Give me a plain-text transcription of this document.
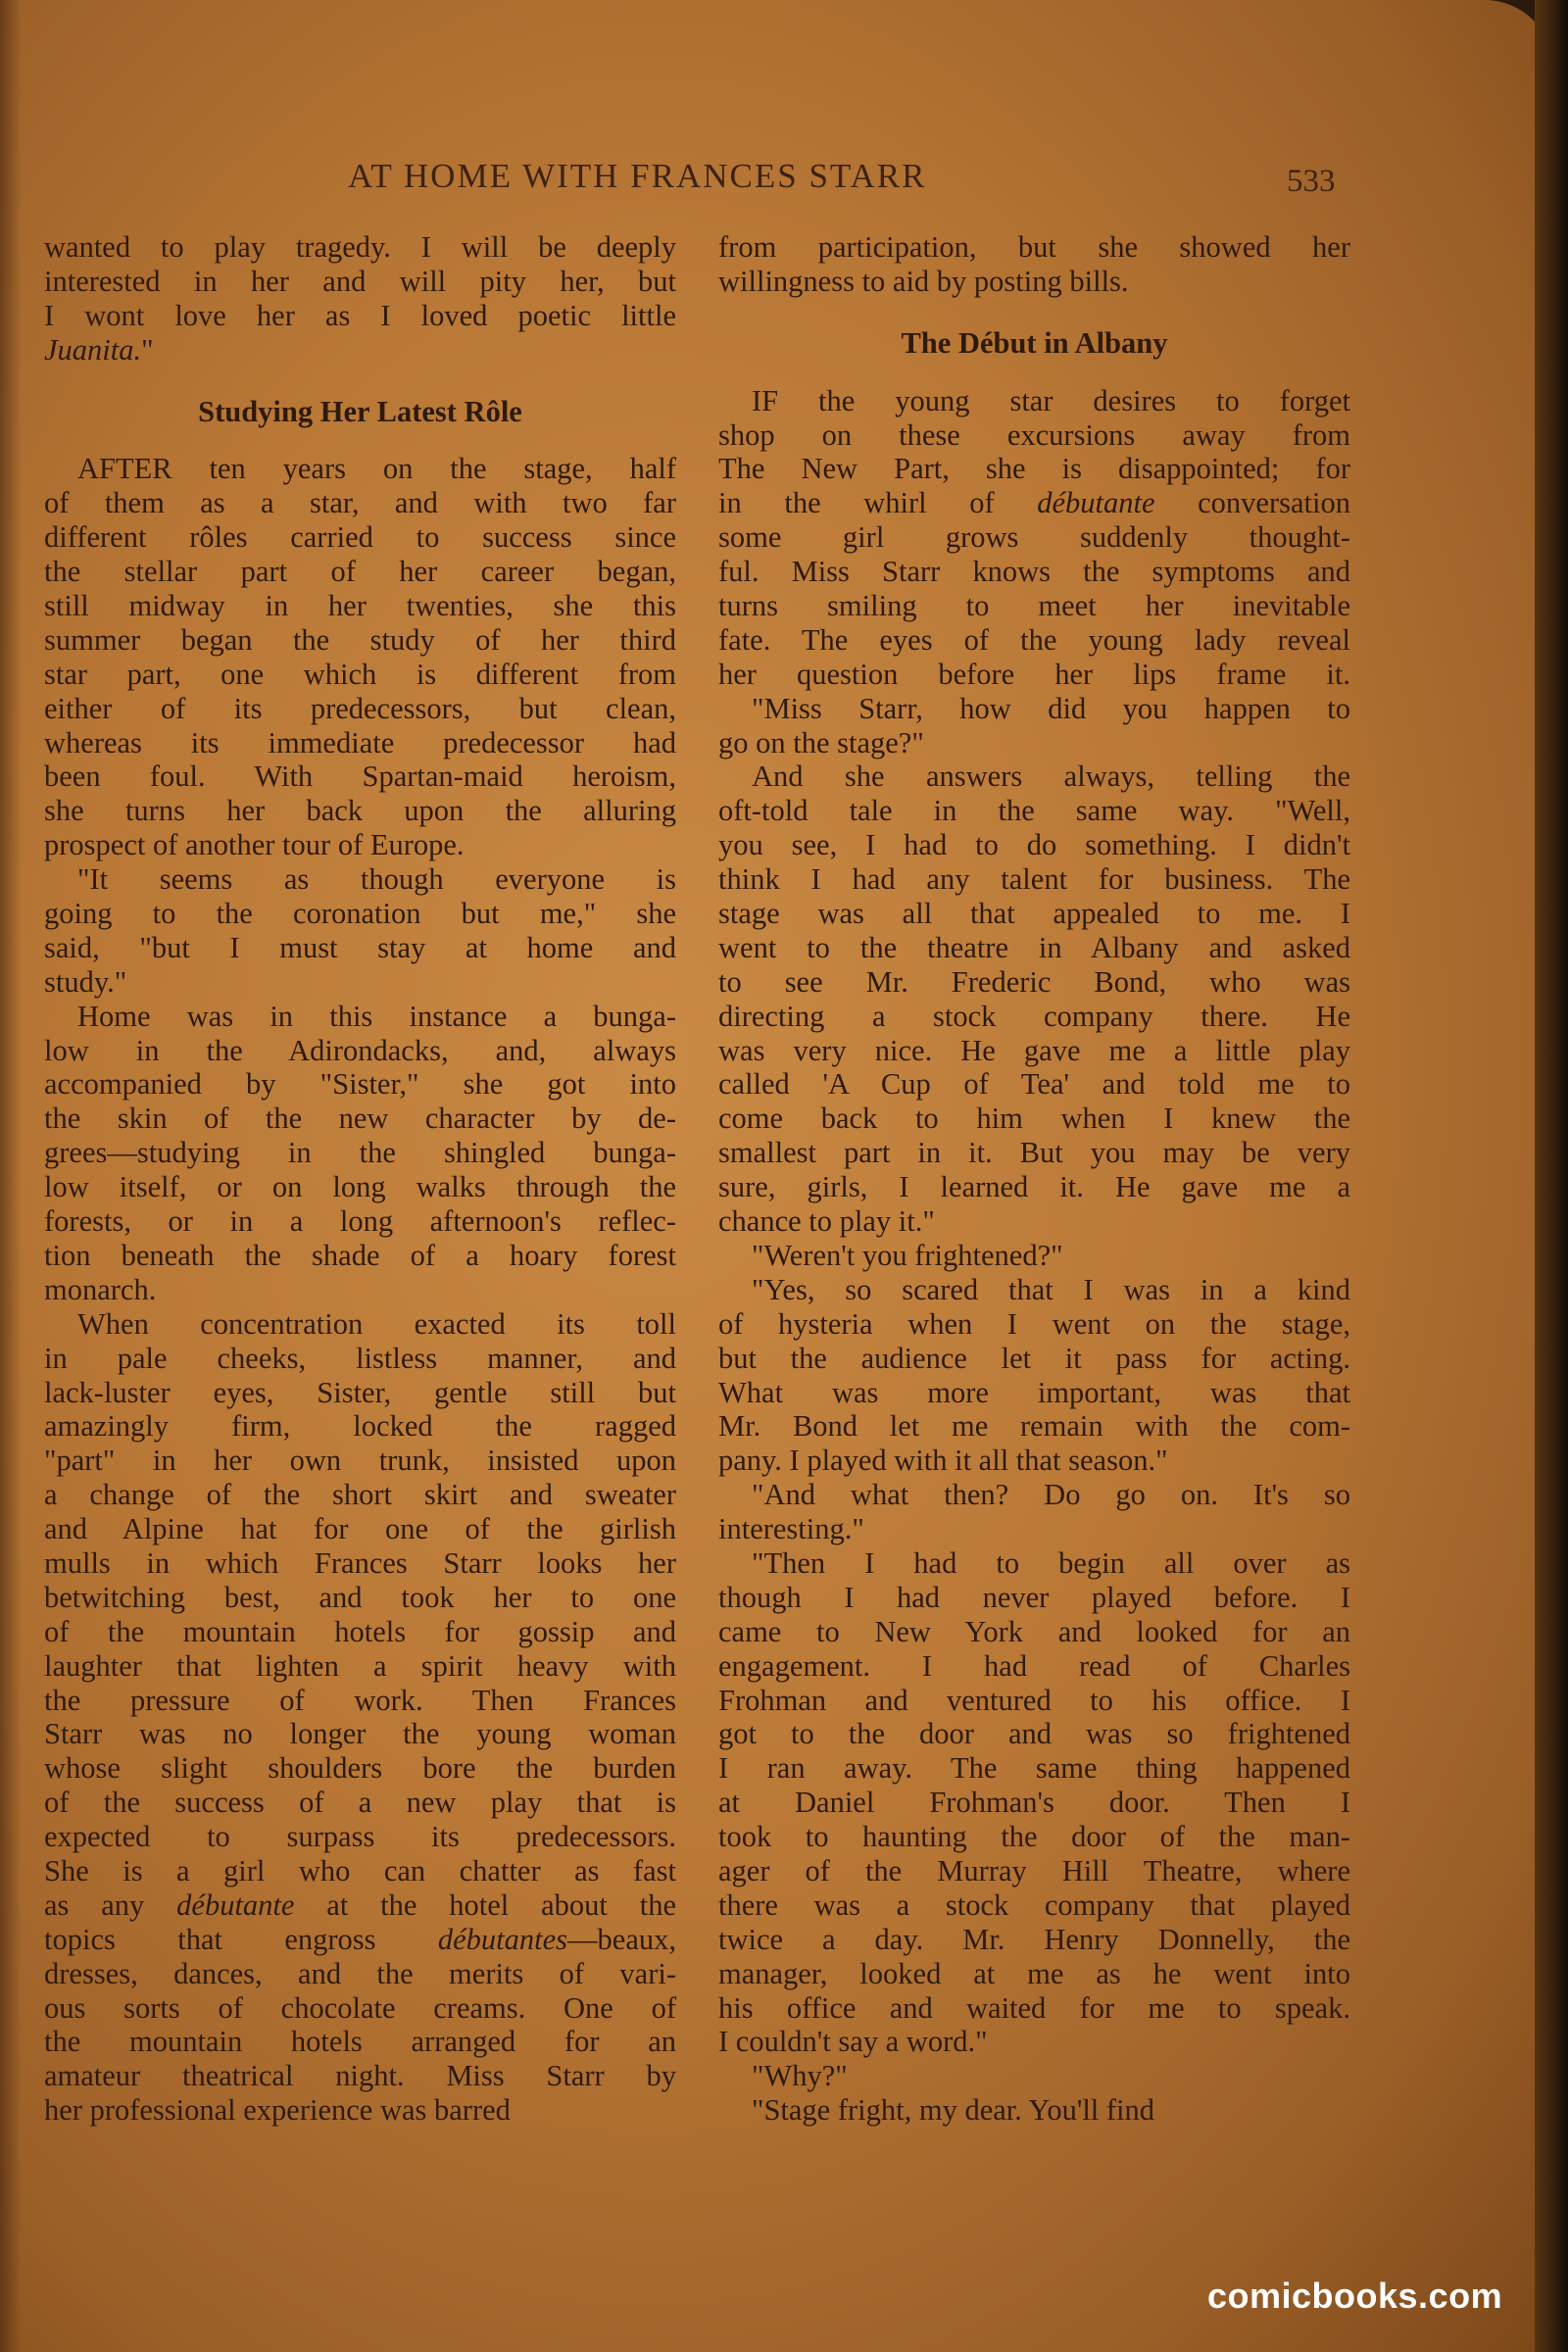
AT HOME WITH FRANCES STARR	533
wanted to play tragedy. I will be deeply
interested in her and will pity her, but
I wont love her as I loved poetic little
Juanita."
Studying Her Latest Rôle
AFTER ten years on the stage, half
of them as a star, and with two far
different rôles carried to success since
the stellar part of her career began,
still midway in her twenties, she this
summer began the study of her third
star part, one which is different from
either of its predecessors, but clean,
whereas its immediate predecessor had
been foul. With Spartan-maid heroism,
she turns her back upon the alluring
prospect of another tour of Europe.
"It seems as though everyone is
going to the coronation but me," she
said, "but I must stay at home and
study."
Home was in this instance a bunga-
low in the Adirondacks, and, always
accompanied by "Sister," she got into
the skin of the new character by de-
grees—studying in the shingled bunga-
low itself, or on long walks through the
forests, or in a long afternoon's reflec-
tion beneath the shade of a hoary forest
monarch.
When concentration exacted its toll
in pale cheeks, listless manner, and
lack-luster eyes, Sister, gentle still but
amazingly firm, locked the ragged
"part" in her own trunk, insisted upon
a change of the short skirt and sweater
and Alpine hat for one of the girlish
mulls in which Frances Starr looks her
betwitching best, and took her to one
of the mountain hotels for gossip and
laughter that lighten a spirit heavy with
the pressure of work. Then Frances
Starr was no longer the young woman
whose slight shoulders bore the burden
of the success of a new play that is
expected to surpass its predecessors.
She is a girl who can chatter as fast
as any débutante at the hotel about the
topics that engross débutantes—beaux,
dresses, dances, and the merits of vari-
ous sorts of chocolate creams. One of
the mountain hotels arranged for an
amateur theatrical night. Miss Starr by
her professional experience was barred
from participation, but she showed her
willingness to aid by posting bills.
The Début in Albany
IF the young star desires to forget
shop on these excursions away from
The New Part, she is disappointed; for
in the whirl of débutante conversation
some girl grows suddenly thought-
ful. Miss Starr knows the symptoms and
turns smiling to meet her inevitable
fate. The eyes of the young lady reveal
her question before her lips frame it.
"Miss Starr, how did you happen to
go on the stage?"
And she answers always, telling the
oft-told tale in the same way. "Well,
you see, I had to do something. I didn't
think I had any talent for business. The
stage was all that appealed to me. I
went to the theatre in Albany and asked
to see Mr. Frederic Bond, who was
directing a stock company there. He
was very nice. He gave me a little play
called 'A Cup of Tea' and told me to
come back to him when I knew the
smallest part in it. But you may be very
sure, girls, I learned it. He gave me a
chance to play it."
"Weren't you frightened?"
"Yes, so scared that I was in a kind
of hysteria when I went on the stage,
but the audience let it pass for acting.
What was more important, was that
Mr. Bond let me remain with the com-
pany. I played with it all that season."
"And what then? Do go on. It's so
interesting."
"Then I had to begin all over as
though I had never played before. I
came to New York and looked for an
engagement. I had read of Charles
Frohman and ventured to his office. I
got to the door and was so frightened
I ran away. The same thing happened
at Daniel Frohman's door. Then I
took to haunting the door of the man-
ager of the Murray Hill Theatre, where
there was a stock company that played
twice a day. Mr. Henry Donnelly, the
manager, looked at me as he went into
his office and waited for me to speak.
I couldn't say a word."
"Why?"
"Stage fright, my dear. You'll find
comicbooks.com
